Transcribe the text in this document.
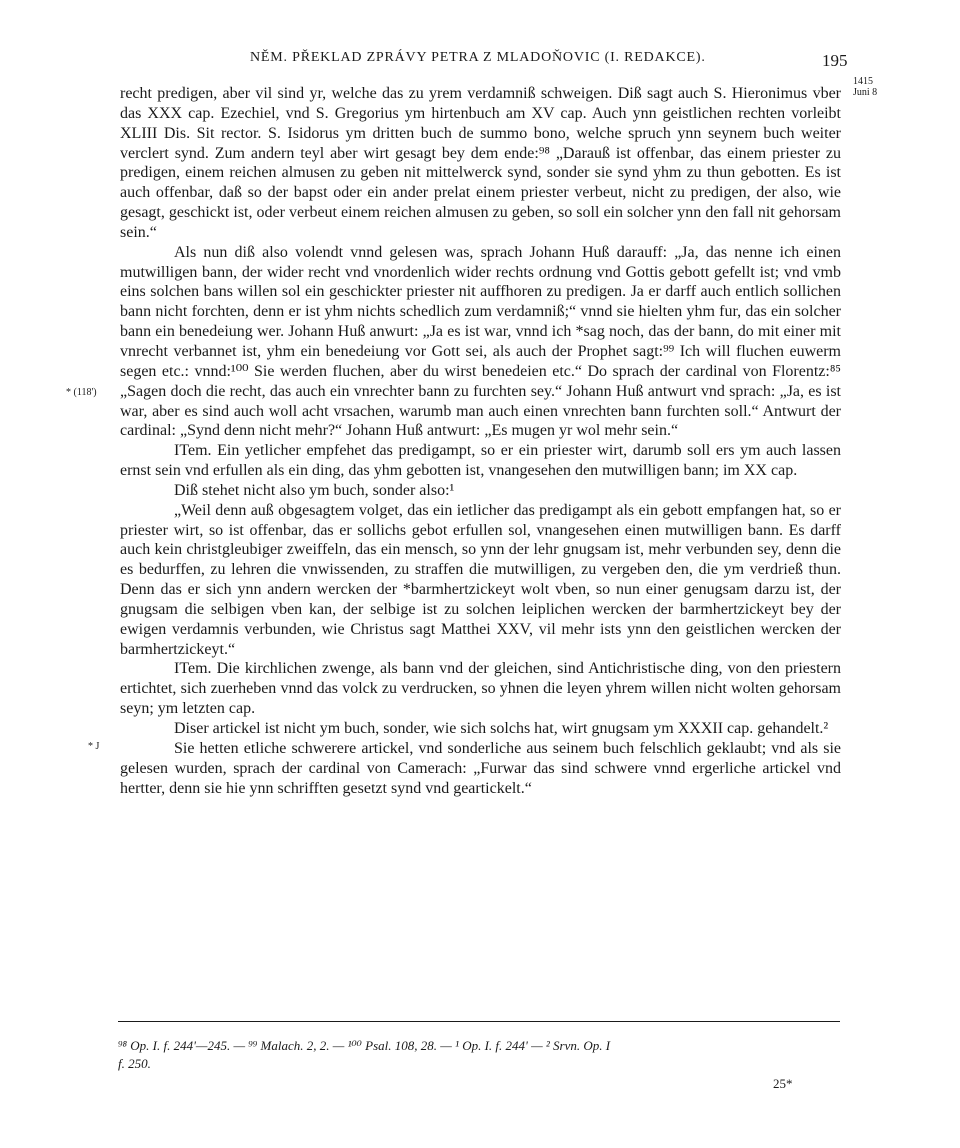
NĚM. PŘEKLAD ZPRÁVY PETRA Z MLADOŇOVIC (I. REDAKCE).	195
1415
Juni 8
* (118')
* J

recht predigen, aber vil sind yr, welche das zu yrem verdamniß schweigen. Diß sagt auch S. Hieronimus vber das XXX cap. Ezechiel, vnd S. Gregorius ym hirtenbuch am XV cap. Auch ynn geistlichen rechten vorleibt XLIII Dis. Sit rector. S. Isidorus ym dritten buch de summo bono, welche spruch ynn seynem buch weiter verclert synd. Zum andern teyl aber wirt gesagt bey dem ende:⁹⁸ „Darauß ist offenbar, das einem priester zu predigen, einem reichen almusen zu geben nit mittelwerck synd, sonder sie synd yhm zu thun gebotten. Es ist auch offenbar, daß so der bapst oder ein ander prelat einem priester verbeut, nicht zu predigen, der also, wie gesagt, geschickt ist, oder verbeut einem reichen almusen zu geben, so soll ein solcher ynn den fall nit gehorsam sein.“

Als nun diß also volendt vnnd gelesen was, sprach Johann Huß darauff: „Ja, das nenne ich einen mutwilligen bann, der wider recht vnd vnordenlich wider rechts ordnung vnd Gottis gebott gefellt ist; vnd vmb eins solchen bans willen sol ein geschickter priester nit auffhoren zu predigen. Ja er darff auch entlich sollichen bann nicht forchten, denn er ist yhm nichts schedlich zum verdamniß;“ vnnd sie hielten yhm fur, das ein solcher bann ein benedeiung wer. Johann Huß anwurt: „Ja es ist war, vnnd ich *sag noch, das der bann, do mit einer mit vnrecht verbannet ist, yhm ein benedeiung vor Gott sei, als auch der Prophet sagt:⁹⁹ Ich will fluchen euwerm segen etc.: vnnd:¹⁰⁰ Sie werden fluchen, aber du wirst benedeien etc.“ Do sprach der cardinal von Florentz:⁸⁵ „Sagen doch die recht, das auch ein vnrechter bann zu furchten sey.“ Johann Huß antwurt vnd sprach: „Ja, es ist war, aber es sind auch woll acht vrsachen, warumb man auch einen vnrechten bann furchten soll.“ Antwurt der cardinal: „Synd denn nicht mehr?“ Johann Huß antwurt: „Es mugen yr wol mehr sein.“

ITem. Ein yetlicher empfehet das predigampt, so er ein priester wirt, darumb soll ers ym auch lassen ernst sein vnd erfullen als ein ding, das yhm gebotten ist, vnangesehen den mutwilligen bann; im XX cap.

Diß stehet nicht also ym buch, sonder also:¹

„Weil denn auß obgesagtem volget, das ein ietlicher das predigampt als ein gebott empfangen hat, so er priester wirt, so ist offenbar, das er sollichs gebot erfullen sol, vnangesehen einen mutwilligen bann. Es darff auch kein christgleubiger zweiffeln, das ein mensch, so ynn der lehr gnugsam ist, mehr verbunden sey, denn die es bedurffen, zu lehren die vnwissenden, zu straffen die mutwilligen, zu vergeben den, die ym verdrieß thun. Denn das er sich ynn andern wercken der *barmhertzickeyt wolt vben, so nun einer genugsam darzu ist, der gnugsam die selbigen vben kan, der selbige ist zu solchen leiplichen wercken der barmhertzickeyt bey der ewigen verdamnis verbunden, wie Christus sagt Matthei XXV, vil mehr ists ynn den geistlichen wercken der barmhertzickeyt.“

ITem. Die kirchlichen zwenge, als bann vnd der gleichen, sind Antichristische ding, von den priestern ertichtet, sich zuerheben vnnd das volck zu verdrucken, so yhnen die leyen yhrem willen nicht wolten gehorsam seyn; ym letzten cap.

Diser artickel ist nicht ym buch, sonder, wie sich solchs hat, wirt gnugsam ym XXXII cap. gehandelt.²

Sie hetten etliche schwerere artickel, vnd sonderliche aus seinem buch felschlich geklaubt; vnd als sie gelesen wurden, sprach der cardinal von Camerach: „Furwar das sind schwere vnnd ergerliche artickel vnd hertter, denn sie hie ynn schrifften gesetzt synd vnd geartickelt.“

⁹⁸ Op. I. f. 244'—245. — ⁹⁹ Malach. 2, 2. — ¹⁰⁰ Psal. 108, 28. — ¹ Op. I. f. 244' — ² Srvn. Op. I
f. 250.
25*
